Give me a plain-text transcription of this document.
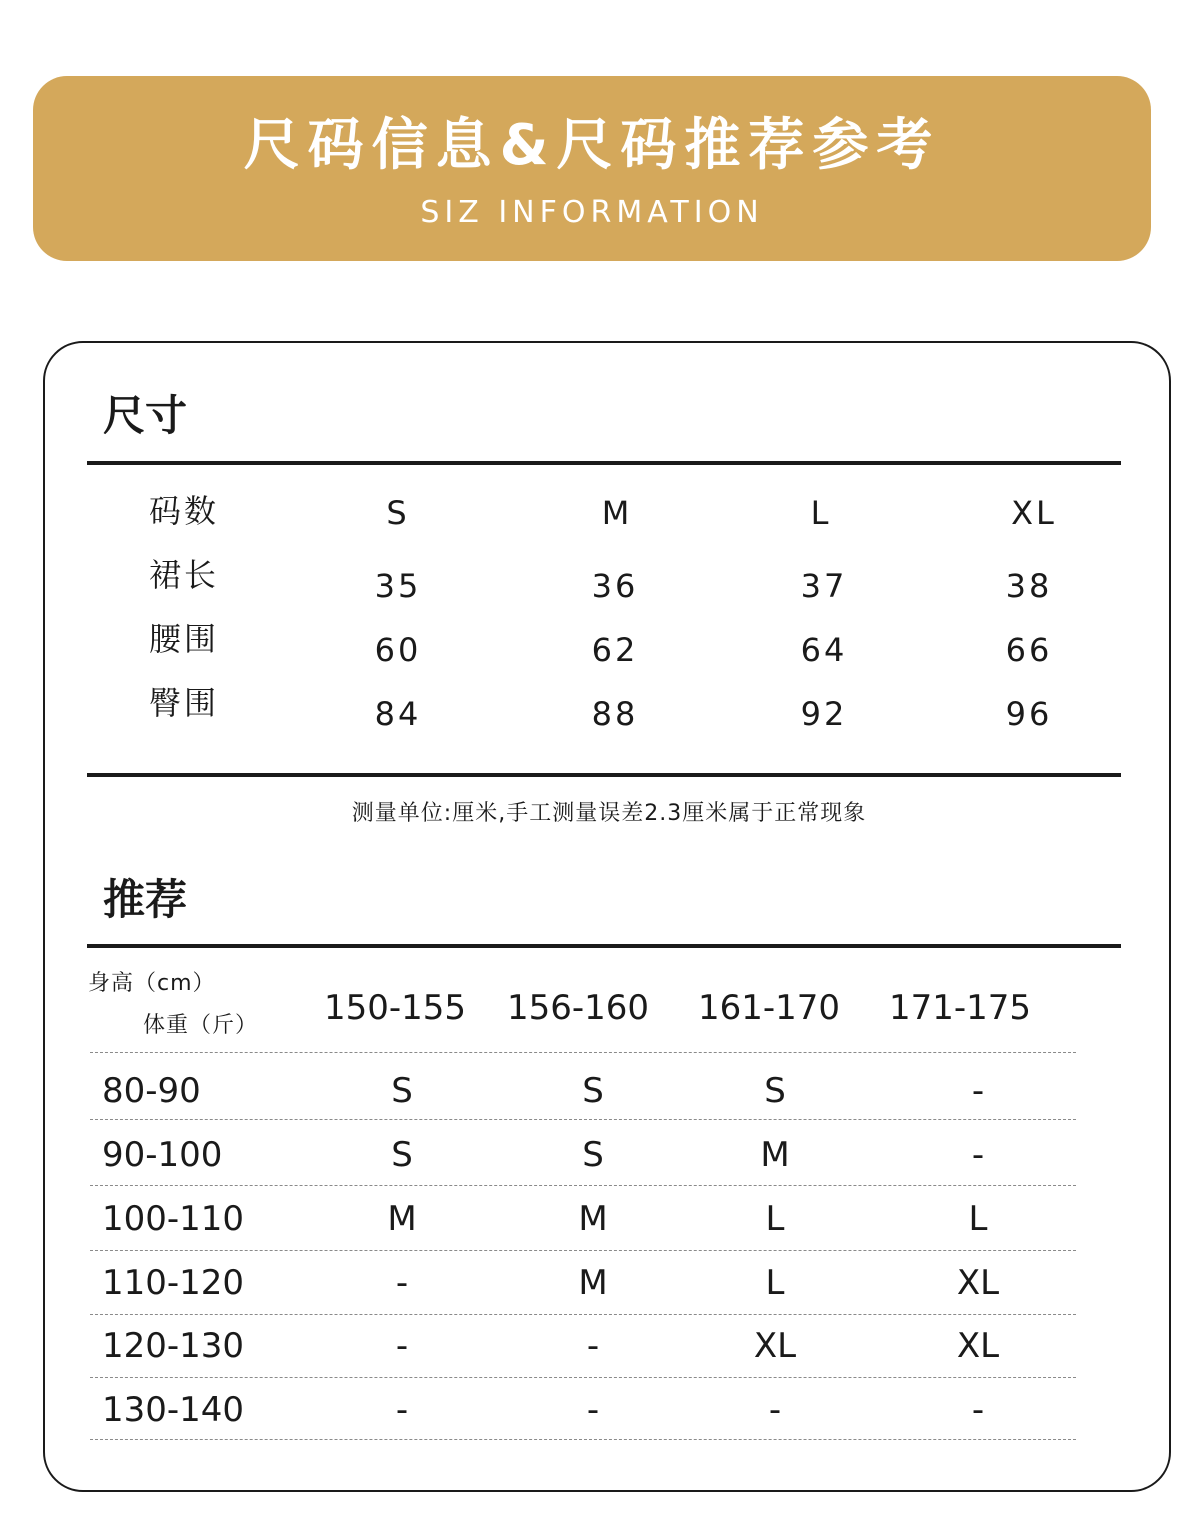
尺码信息&尺码推荐参考
SIZ INFORMATION
尺寸
码数	S	M	L	XL
裙长	35	36	37	38
腰围	60	62	64	66
臀围	84	88	92	96
测量单位:厘米,手工测量误差2.3厘米属于正常现象
推荐
身高（cm）
体重（斤） 150-155 156-160 161-170 171-175
80-90	S	S	S	-
90-100	S	S	M	-
100-110	M	M	L	L
110-120	-	M	L	XL
120-130	-	-	XL	XL
130-140	-	-	-	-
